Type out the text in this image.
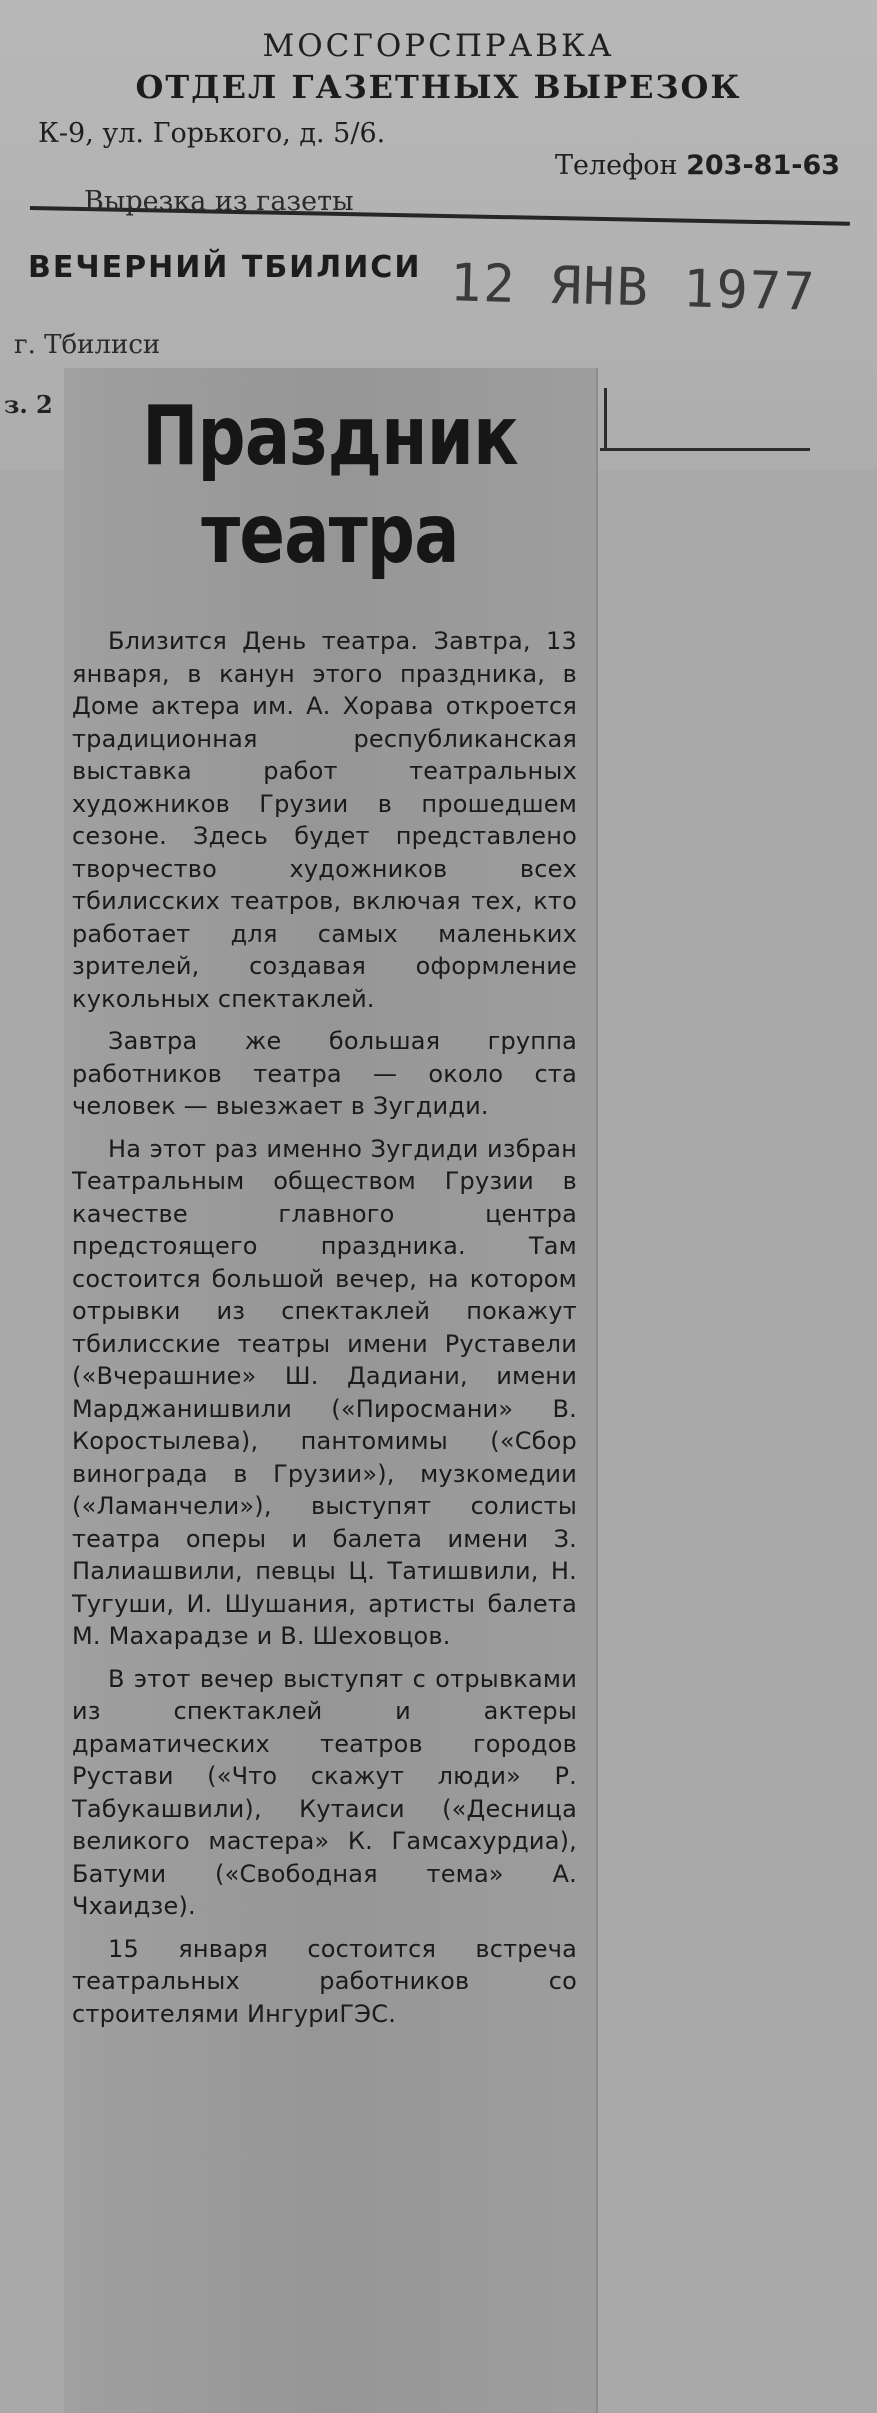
МОСГОРСПРАВКА
ОТДЕЛ ГАЗЕТНЫХ ВЫРЕЗОК
К-9, ул. Горького, д. 5/6.
Телефон 203-81-63
Вырезка из газеты
ВЕЧЕРНИЙ ТБИЛИСИ 12 ЯНВ 1977
г. Тбилиси
з. 2 Праздник
театра

Близится День театра. Завтра, 13 января, в канун этого праздника, в Доме актера им. А. Хорава откроется традиционная республиканская выставка работ театральных художников Грузии в прошедшем сезоне. Здесь будет представлено творчество художников всех тбилисских театров, включая тех, кто работает для самых маленьких зрителей, создавая оформление кукольных спектаклей.

Завтра же большая группа работников театра — около ста человек — выезжает в Зугдиди.

На этот раз именно Зугдиди избран Театральным обществом Грузии в качестве главного центра предстоящего праздника. Там состоится большой вечер, на котором отрывки из спектаклей покажут тбилисские театры имени Руставели («Вчерашние» Ш. Дадиани, имени Марджанишвили («Пиросмани» В. Коростылева), пантомимы («Сбор винограда в Грузии»), музкомедии («Ламанчели»), выступят солисты театра оперы и балета имени З. Палиашвили, певцы Ц. Татишвили, Н. Тугуши, И. Шушания, артисты балета М. Махарадзе и В. Шеховцов.

В этот вечер выступят с отрывками из спектаклей и актеры драматических театров городов Рустави («Что скажут люди» Р. Табукашвили), Кутаиси («Десница великого мастера» К. Гамсахурдиа), Батуми («Свободная тема» А. Чхаидзе).

15 января состоится встреча театральных работников со строителями ИнгуриГЭС.
